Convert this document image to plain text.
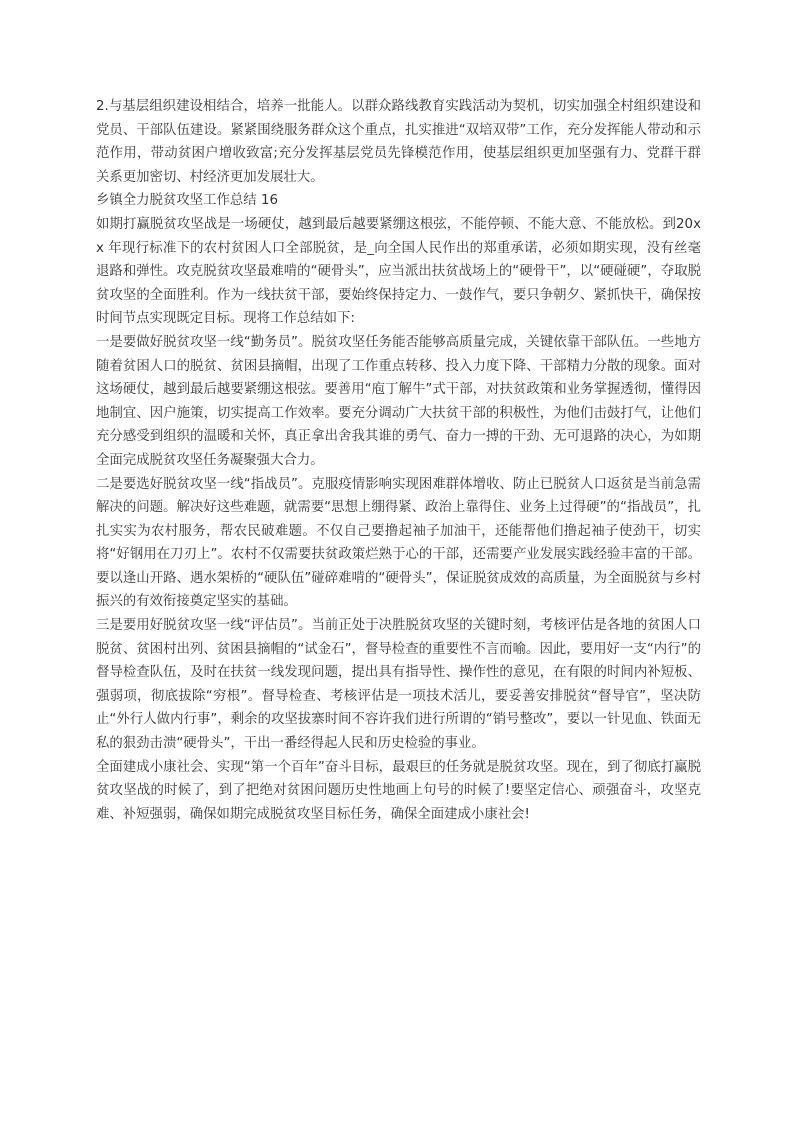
2.与基层组织建设相结合，培养一批能人。以群众路线教育实践活动为契机，切实加强全村组织建设和党员、干部队伍建设。紧紧围绕服务群众这个重点，扎实推进“双培双带”工作，充分发挥能人带动和示范作用，带动贫困户增收致富;充分发挥基层党员先锋模范作用，使基层组织更加坚强有力、党群干群关系更加密切、村经济更加发展壮大。

乡镇全力脱贫攻坚工作总结 16

如期打赢脱贫攻坚战是一场硬仗，越到最后越要紧绷这根弦，不能停顿、不能大意、不能放松。到20xx 年现行标准下的农村贫困人口全部脱贫，是_向全国人民作出的郑重承诺，必须如期实现，没有丝毫退路和弹性。攻克脱贫攻坚最难啃的“硬骨头”，应当派出扶贫战场上的“硬骨干”，以“硬碰硬”，夺取脱贫攻坚的全面胜利。作为一线扶贫干部，要始终保持定力、一鼓作气，要只争朝夕、紧抓快干，确保按时间节点实现既定目标。现将工作总结如下:

一是要做好脱贫攻坚一线“勤务员”。脱贫攻坚任务能否能够高质量完成，关键依靠干部队伍。一些地方随着贫困人口的脱贫、贫困县摘帽，出现了工作重点转移、投入力度下降、干部精力分散的现象。面对这场硬仗，越到最后越要紧绷这根弦。要善用“庖丁解牛”式干部，对扶贫政策和业务掌握透彻，懂得因地制宜、因户施策，切实提高工作效率。要充分调动广大扶贫干部的积极性，为他们击鼓打气，让他们充分感受到组织的温暖和关怀，真正拿出舍我其谁的勇气、奋力一搏的干劲、无可退路的决心，为如期全面完成脱贫攻坚任务凝聚强大合力。

二是要选好脱贫攻坚一线“指战员”。克服疫情影响实现困难群体增收、防止已脱贫人口返贫是当前急需解决的问题。解决好这些难题，就需要“思想上绷得紧、政治上靠得住、业务上过得硬”的“指战员”，扎扎实实为农村服务，帮农民破难题。不仅自己要撸起袖子加油干，还能帮他们撸起袖子使劲干，切实将“好钢用在刀刃上”。农村不仅需要扶贫政策烂熟于心的干部，还需要产业发展实践经验丰富的干部。要以逢山开路、遇水架桥的“硬队伍”碰碎难啃的“硬骨头”，保证脱贫成效的高质量，为全面脱贫与乡村振兴的有效衔接奠定坚实的基础。

三是要用好脱贫攻坚一线“评估员”。当前正处于决胜脱贫攻坚的关键时刻，考核评估是各地的贫困人口脱贫、贫困村出列、贫困县摘帽的“试金石”，督导检查的重要性不言而喻。因此，要用好一支“内行”的督导检查队伍，及时在扶贫一线发现问题，提出具有指导性、操作性的意见，在有限的时间内补短板、强弱项，彻底拔除“穷根”。督导检查、考核评估是一项技术活儿，要妥善安排脱贫“督导官”，坚决防止“外行人做内行事”，剩余的攻坚拔寨时间不容许我们进行所谓的“销号整改”，要以一针见血、铁面无私的狠劲击溃“硬骨头”，干出一番经得起人民和历史检验的事业。

全面建成小康社会、实现“第一个百年”奋斗目标，最艰巨的任务就是脱贫攻坚。现在，到了彻底打赢脱贫攻坚战的时候了，到了把绝对贫困问题历史性地画上句号的时候了!要坚定信心、顽强奋斗，攻坚克难、补短强弱，确保如期完成脱贫攻坚目标任务，确保全面建成小康社会!
